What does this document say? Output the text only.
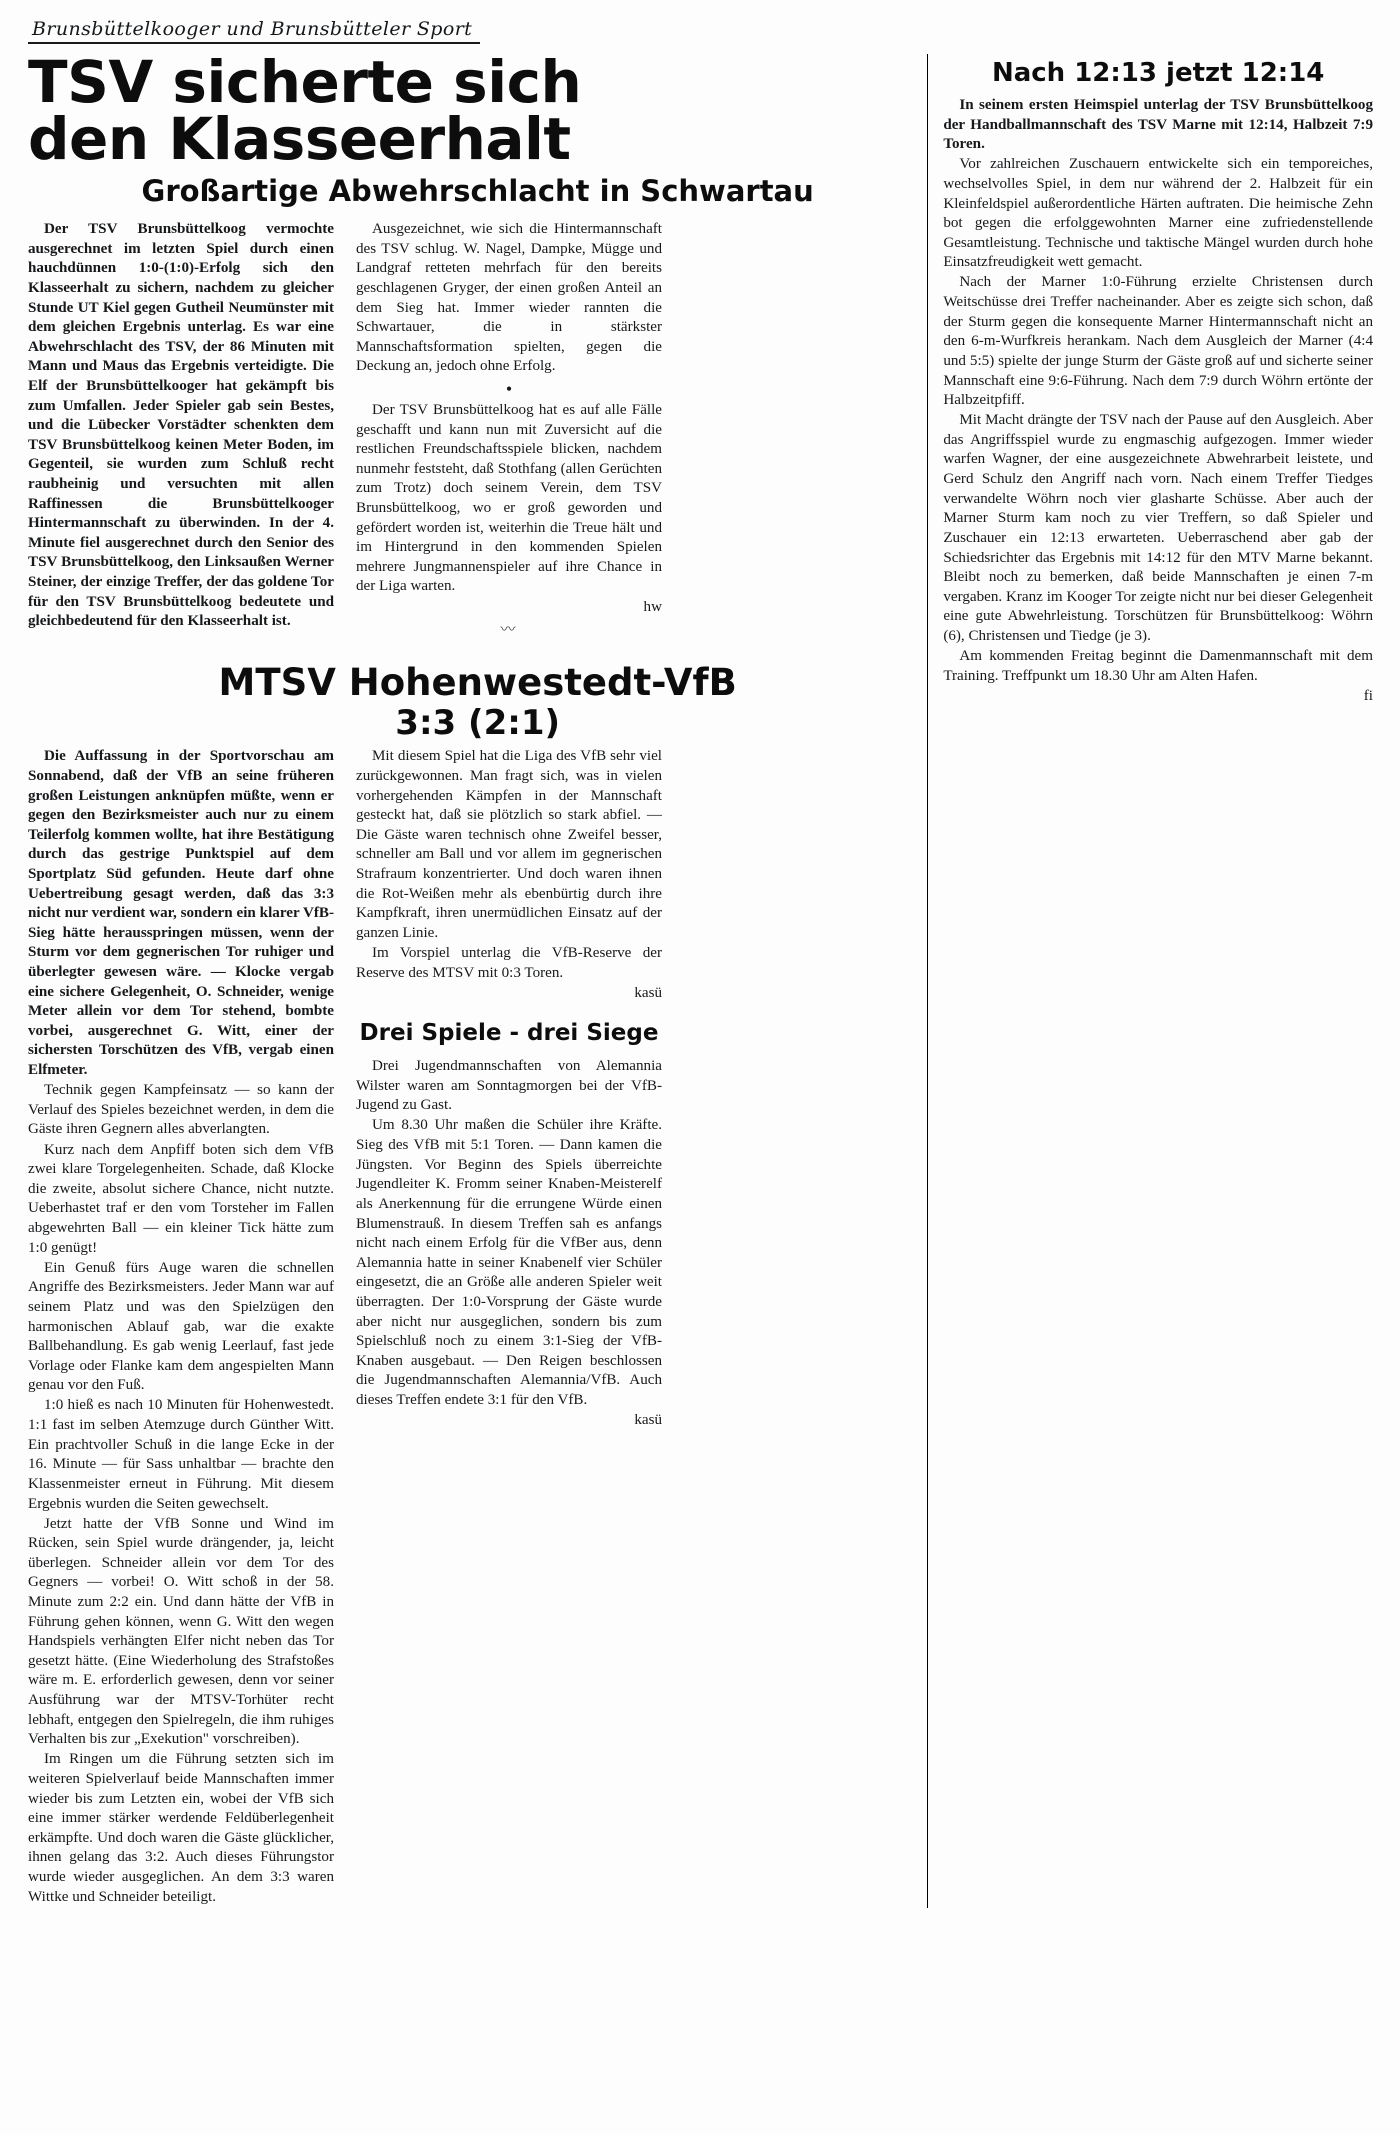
Brunsbüttelkooger und Brunsbütteler Sport
TSV sicherte sich
den Klasseerhalt
Großartige Abwehrschlacht in Schwartau

Der TSV Brunsbüttelkoog vermochte ausgerechnet im letzten Spiel durch einen hauchdünnen 1:0-(1:0)-Erfolg sich den Klasseerhalt zu sichern, nachdem zu gleicher Stunde UT Kiel gegen Gutheil Neumünster mit dem gleichen Ergebnis unterlag. Es war eine Abwehrschlacht des TSV, der 86 Minuten mit Mann und Maus das Ergebnis verteidigte. Die Elf der Brunsbüttelkooger hat gekämpft bis zum Umfallen. Jeder Spieler gab sein Bestes, und die Lübecker Vorstädter schenkten dem TSV Brunsbüttelkoog keinen Meter Boden, im Gegenteil, sie wurden zum Schluß recht raubheinig und versuchten mit allen Raffinessen die Brunsbüttelkooger Hintermannschaft zu überwinden. In der 4. Minute fiel ausgerechnet durch den Senior des TSV Brunsbüttelkoog, den Linksaußen Werner Steiner, der einzige Treffer, der das goldene Tor für den TSV Brunsbüttelkoog bedeutete und gleichbedeutend für den Klasseerhalt ist.

Ausgezeichnet, wie sich die Hintermannschaft des TSV schlug. W. Nagel, Dampke, Mügge und Landgraf retteten mehrfach für den bereits geschlagenen Gryger, der einen großen Anteil an dem Sieg hat. Immer wieder rannten die Schwartauer, die in stärkster Mannschaftsformation spielten, gegen die Deckung an, jedoch ohne Erfolg.

•

Der TSV Brunsbüttelkoog hat es auf alle Fälle geschafft und kann nun mit Zuversicht auf die restlichen Freundschaftsspiele blicken, nachdem nunmehr feststeht, daß Stothfang (allen Gerüchten zum Trotz) doch seinem Verein, dem TSV Brunsbüttelkoog, wo er groß geworden und gefördert worden ist, weiterhin die Treue hält und im Hintergrund in den kommenden Spielen mehrere Jungmannenspieler auf ihre Chance in der Liga warten.

hw
〰
MTSV Hohenwestedt-VfB
3:3 (2:1)

Die Auffassung in der Sportvorschau am Sonnabend, daß der VfB an seine früheren großen Leistungen anknüpfen müßte, wenn er gegen den Bezirksmeister auch nur zu einem Teilerfolg kommen wollte, hat ihre Bestätigung durch das gestrige Punktspiel auf dem Sportplatz Süd gefunden. Heute darf ohne Uebertreibung gesagt werden, daß das 3:3 nicht nur verdient war, sondern ein klarer VfB-Sieg hätte herausspringen müssen, wenn der Sturm vor dem gegnerischen Tor ruhiger und überlegter gewesen wäre. — Klocke vergab eine sichere Gelegenheit, O. Schneider, wenige Meter allein vor dem Tor stehend, bombte vorbei, ausgerechnet G. Witt, einer der sichersten Torschützen des VfB, vergab einen Elfmeter.

Technik gegen Kampfeinsatz — so kann der Verlauf des Spieles bezeichnet werden, in dem die Gäste ihren Gegnern alles abverlangten.

Kurz nach dem Anpfiff boten sich dem VfB zwei klare Torgelegenheiten. Schade, daß Klocke die zweite, absolut sichere Chance, nicht nutzte. Ueberhastet traf er den vom Torsteher im Fallen abgewehrten Ball — ein kleiner Tick hätte zum 1:0 genügt!

Ein Genuß fürs Auge waren die schnellen Angriffe des Bezirksmeisters. Jeder Mann war auf seinem Platz und was den Spielzügen den harmonischen Ablauf gab, war die exakte Ballbehandlung. Es gab wenig Leerlauf, fast jede Vorlage oder Flanke kam dem angespielten Mann genau vor den Fuß.

1:0 hieß es nach 10 Minuten für Hohenwestedt. 1:1 fast im selben Atemzuge durch Günther Witt. Ein prachtvoller Schuß in die lange Ecke in der 16. Minute — für Sass unhaltbar — brachte den Klassenmeister erneut in Führung. Mit diesem Ergebnis wurden die Seiten gewechselt.

Jetzt hatte der VfB Sonne und Wind im Rücken, sein Spiel wurde drängender, ja, leicht überlegen. Schneider allein vor dem Tor des Gegners — vorbei! O. Witt schoß in der 58. Minute zum 2:2 ein. Und dann hätte der VfB in Führung gehen können, wenn G. Witt den wegen Handspiels verhängten Elfer nicht neben das Tor gesetzt hätte. (Eine Wiederholung des Strafstoßes wäre m. E. erforderlich gewesen, denn vor seiner Ausführung war der MTSV-Torhüter recht lebhaft, entgegen den Spielregeln, die ihm ruhiges Verhalten bis zur „Exekution" vorschreiben).

Im Ringen um die Führung setzten sich im weiteren Spielverlauf beide Mannschaften immer wieder bis zum Letzten ein, wobei der VfB sich eine immer stärker werdende Feldüberlegenheit erkämpfte. Und doch waren die Gäste glücklicher, ihnen gelang das 3:2. Auch dieses Führungstor wurde wieder ausgeglichen. An dem 3:3 waren Wittke und Schneider beteiligt.

Mit diesem Spiel hat die Liga des VfB sehr viel zurückgewonnen. Man fragt sich, was in vielen vorhergehenden Kämpfen in der Mannschaft gesteckt hat, daß sie plötzlich so stark abfiel. — Die Gäste waren technisch ohne Zweifel besser, schneller am Ball und vor allem im gegnerischen Strafraum konzentrierter. Und doch waren ihnen die Rot-Weißen mehr als ebenbürtig durch ihre Kampfkraft, ihren unermüdlichen Einsatz auf der ganzen Linie.

Im Vorspiel unterlag die VfB-Reserve der Reserve des MTSV mit 0:3 Toren.

kasü
Drei Spiele - drei Siege

Drei Jugendmannschaften von Alemannia Wilster waren am Sonntagmorgen bei der VfB-Jugend zu Gast.

Um 8.30 Uhr maßen die Schüler ihre Kräfte. Sieg des VfB mit 5:1 Toren. — Dann kamen die Jüngsten. Vor Beginn des Spiels überreichte Jugendleiter K. Fromm seiner Knaben-Meisterelf als Anerkennung für die errungene Würde einen Blumenstrauß. In diesem Treffen sah es anfangs nicht nach einem Erfolg für die VfBer aus, denn Alemannia hatte in seiner Knabenelf vier Schüler eingesetzt, die an Größe alle anderen Spieler weit überragten. Der 1:0-Vorsprung der Gäste wurde aber nicht nur ausgeglichen, sondern bis zum Spielschluß noch zu einem 3:1-Sieg der VfB-Knaben ausgebaut. — Den Reigen beschlossen die Jugendmannschaften Alemannia/VfB. Auch dieses Treffen endete 3:1 für den VfB.

kasü
Nach 12:13 jetzt 12:14

In seinem ersten Heimspiel unterlag der TSV Brunsbüttelkoog der Handballmannschaft des TSV Marne mit 12:14, Halbzeit 7:9 Toren.

Vor zahlreichen Zuschauern entwickelte sich ein temporeiches, wechselvolles Spiel, in dem nur während der 2. Halbzeit für ein Kleinfeldspiel außerordentliche Härten auftraten. Die heimische Zehn bot gegen die erfolggewohnten Marner eine zufriedenstellende Gesamtleistung. Technische und taktische Mängel wurden durch hohe Einsatzfreudigkeit wett gemacht.

Nach der Marner 1:0-Führung erzielte Christensen durch Weitschüsse drei Treffer nacheinander. Aber es zeigte sich schon, daß der Sturm gegen die konsequente Marner Hintermannschaft nicht an den 6-m-Wurfkreis herankam. Nach dem Ausgleich der Marner (4:4 und 5:5) spielte der junge Sturm der Gäste groß auf und sicherte seiner Mannschaft eine 9:6-Führung. Nach dem 7:9 durch Wöhrn ertönte der Halbzeitpfiff.

Mit Macht drängte der TSV nach der Pause auf den Ausgleich. Aber das Angriffsspiel wurde zu engmaschig aufgezogen. Immer wieder warfen Wagner, der eine ausgezeichnete Abwehrarbeit leistete, und Gerd Schulz den Angriff nach vorn. Nach einem Treffer Tiedges verwandelte Wöhrn noch vier glasharte Schüsse. Aber auch der Marner Sturm kam noch zu vier Treffern, so daß Spieler und Zuschauer ein 12:13 erwarteten. Ueberraschend aber gab der Schiedsrichter das Ergebnis mit 14:12 für den MTV Marne bekannt. Bleibt noch zu bemerken, daß beide Mannschaften je einen 7-m vergaben. Kranz im Kooger Tor zeigte nicht nur bei dieser Gelegenheit eine gute Abwehrleistung. Torschützen für Brunsbüttelkoog: Wöhrn (6), Christensen und Tiedge (je 3).

Am kommenden Freitag beginnt die Damenmannschaft mit dem Training. Treffpunkt um 18.30 Uhr am Alten Hafen.

fi
